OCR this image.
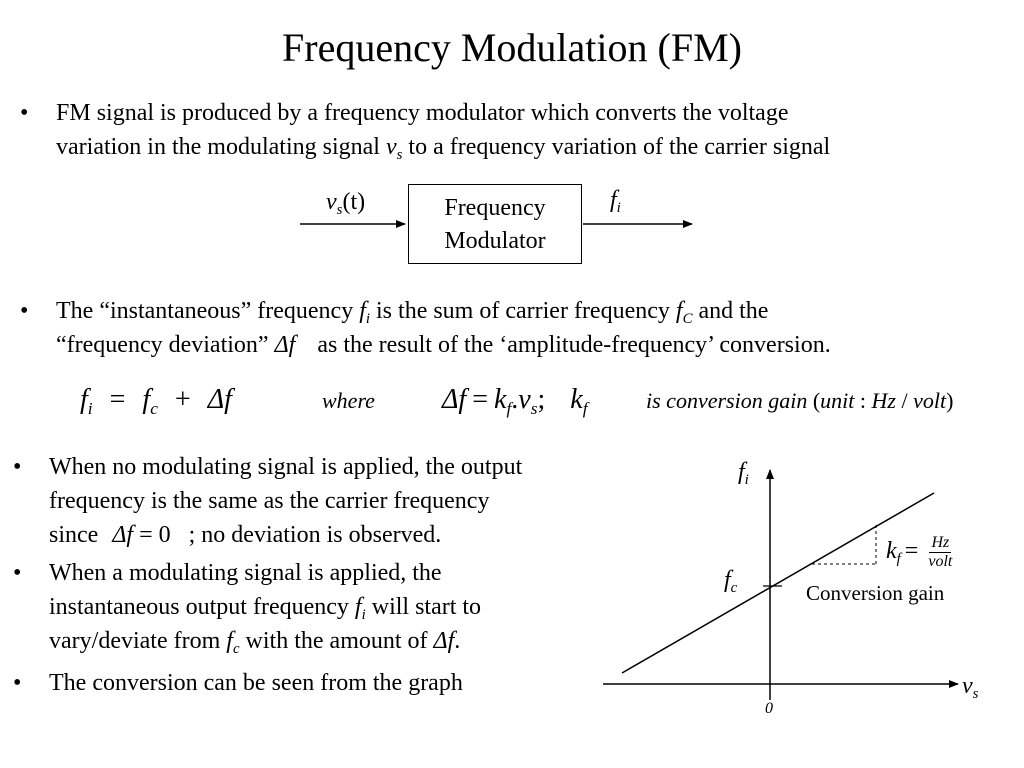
Frequency Modulation (FM)
• FM signal is produced by a frequency modulator which converts the voltage
variation in the modulating signal $v_s$ to a frequency variation of the carrier signal
$v_s(t)$	Frequency
Modulator
$f_i$
• The “instantaneous” frequency $f_i$ is the sum of carrier frequency $f_C$ and the
“frequency deviation” Δf as the result of the ‘amplitude-frequency’ conversion.
$f_i = f_c + \Delta f$	where $\Delta f = k_f.v_s$; $k_f$	is conversion gain (unit : Hz / volt)
• When no modulating signal is applied, the output
frequency is the same as the carrier frequency
since Δf = 0 ; no deviation is observed.
• When a modulating signal is applied, the
instantaneous output frequency $f_i$ will start to
vary/deviate from $f_c$ with the amount of Δf.
• The conversion can be seen from the graph
$f_i$
$v_s$
0
$f_c$
$k_f = \frac{Hz}{\text{volt}}$
Conversion gain
